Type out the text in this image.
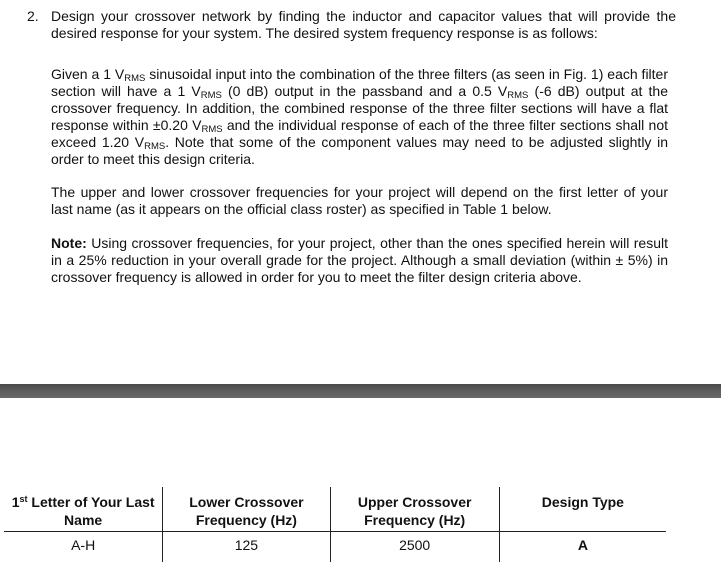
2. Design your crossover network by finding the inductor and capacitor values that will provide the desired response for your system. The desired system frequency response is as follows:
Given a 1 $V_{RMS}$ sinusoidal input into the combination of the three filters (as seen in Fig. 1) each filter section will have a 1 $V_{RMS}$ (0 dB) output in the passband and a 0.5 $V_{RMS}$ (-6 dB) output at the crossover frequency. In addition, the combined response of the three filter sections will have a flat response within ±0.20 $V_{RMS}$ and the individual response of each of the three filter sections shall not exceed 1.20 $V_{RMS}$. Note that some of the component values may need to be adjusted slightly in order to meet this design criteria.
The upper and lower crossover frequencies for your project will depend on the first letter of your last name (as it appears on the official class roster) as specified in Table 1 below.
Note: Using crossover frequencies, for your project, other than the ones specified herein will result in a 25% reduction in your overall grade for the project. Although a small deviation (within ± 5%) in crossover frequency is allowed in order for you to meet the filter design criteria above.
1st Letter of Your Last Name	Lower Crossover Frequency (Hz)	Upper Crossover Frequency (Hz)	Design Type
A-H	125	2500	A
